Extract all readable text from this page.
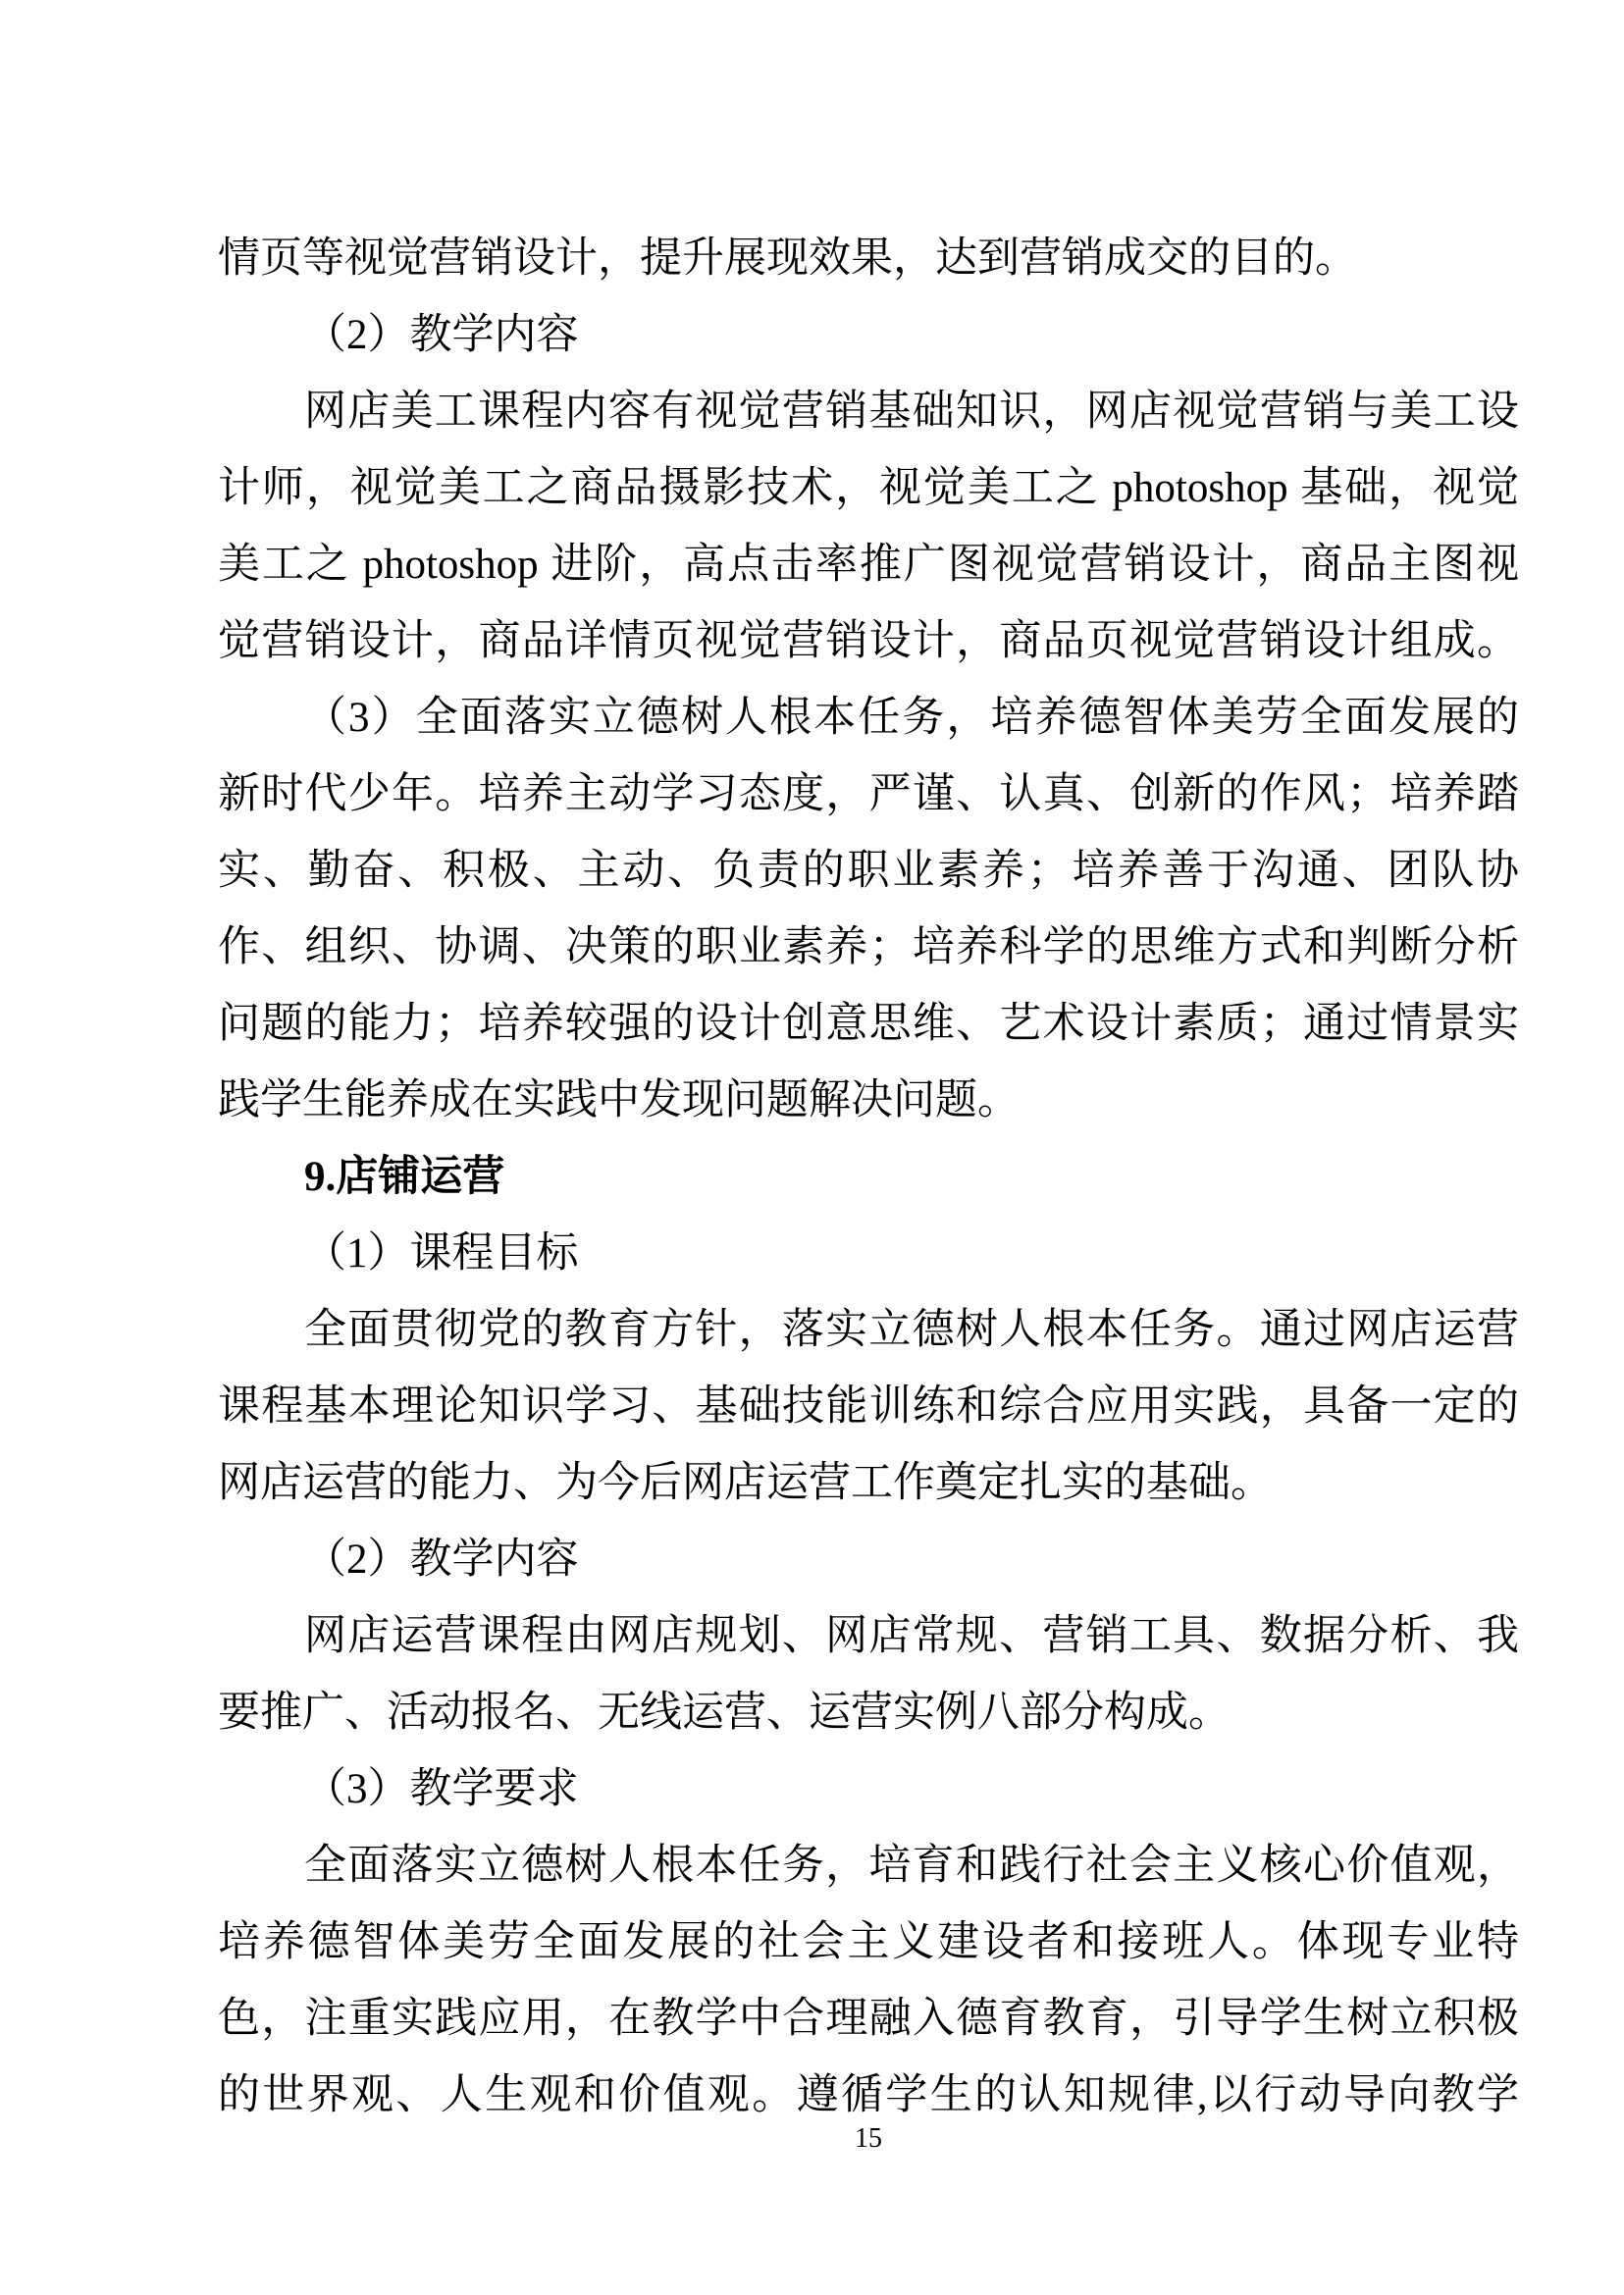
情页等视觉营销设计，提升展现效果，达到营销成交的目的。
（2）教学内容
网店美工课程内容有视觉营销基础知识，网店视觉营销与美工设
计师，视觉美工之商品摄影技术，视觉美工之 photoshop 基础，视觉
美工之 photoshop 进阶，高点击率推广图视觉营销设计，商品主图视
觉营销设计，商品详情页视觉营销设计，商品页视觉营销设计组成。
（3）全面落实立德树人根本任务，培养德智体美劳全面发展的
新时代少年。培养主动学习态度，严谨、认真、创新的作风；培养踏
实、勤奋、积极、主动、负责的职业素养；培养善于沟通、团队协
作、组织、协调、决策的职业素养；培养科学的思维方式和判断分析
问题的能力；培养较强的设计创意思维、艺术设计素质；通过情景实
践学生能养成在实践中发现问题解决问题。
9.店铺运营
（1）课程目标
全面贯彻党的教育方针，落实立德树人根本任务。通过网店运营
课程基本理论知识学习、基础技能训练和综合应用实践，具备一定的
网店运营的能力、为今后网店运营工作奠定扎实的基础。
（2）教学内容
网店运营课程由网店规划、网店常规、营销工具、数据分析、我
要推广、活动报名、无线运营、运营实例八部分构成。
（3）教学要求
全面落实立德树人根本任务，培育和践行社会主义核心价值观，
培养德智体美劳全面发展的社会主义建设者和接班人。体现专业特
色，注重实践应用，在教学中合理融入德育教育，引导学生树立积极
的世界观、人生观和价值观。遵循学生的认知规律,以行动导向教学
15
